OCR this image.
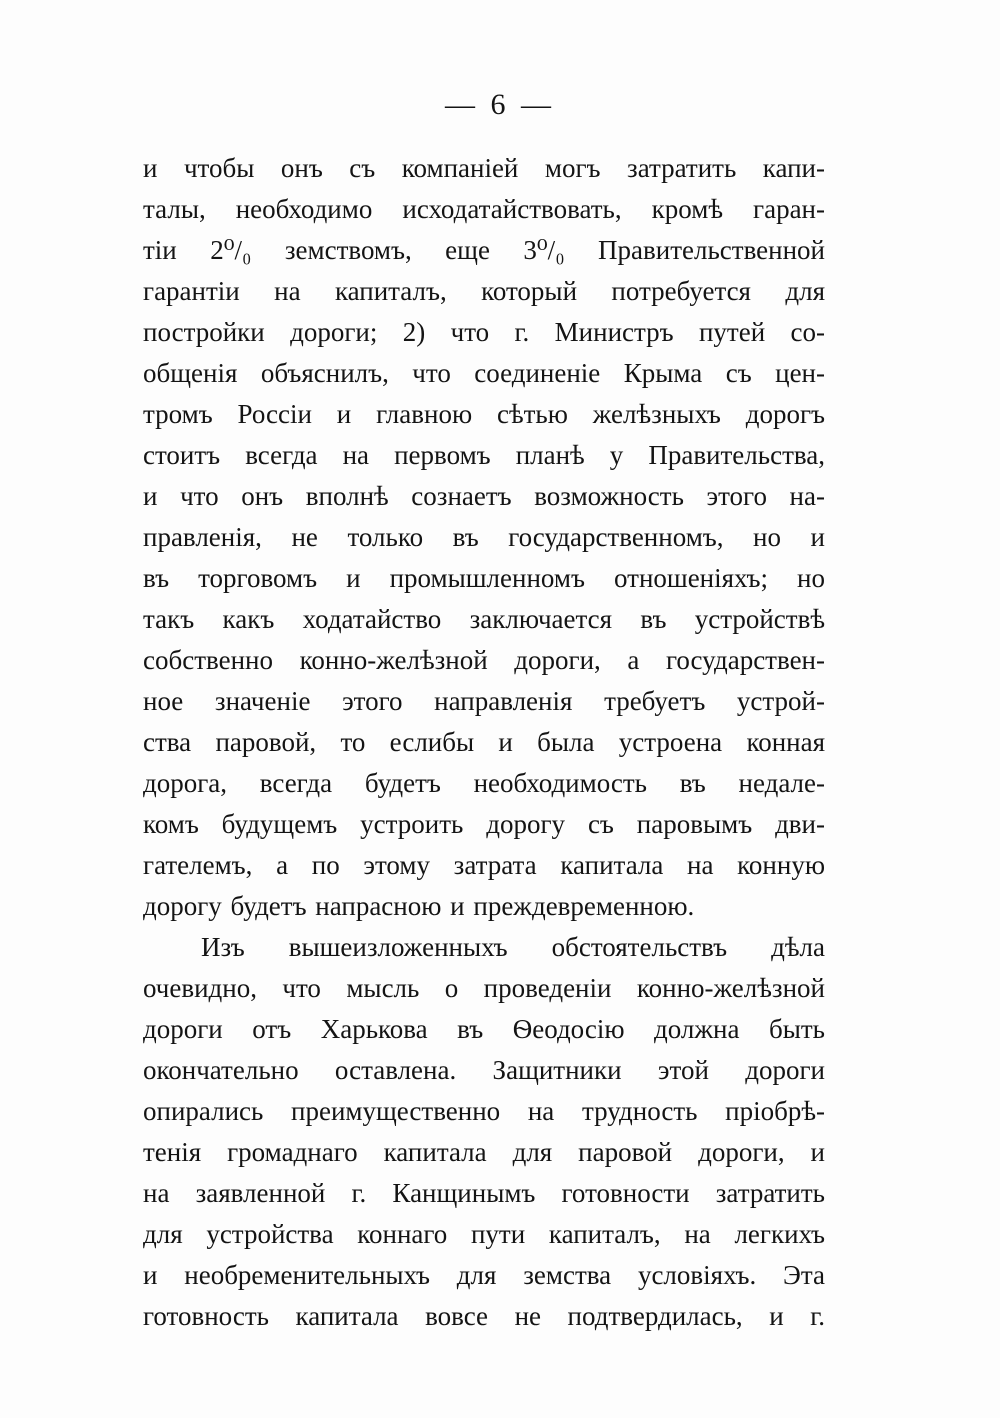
— 6 —
и чтобы онъ съ компаніей могъ затратить капи-
талы, необходимо исходатайствовать, кромѣ гаран-
тіи 2⁰/₀ земствомъ, еще 3⁰/₀ Правительственной
гарантіи на капиталъ, который потребуется для
постройки дороги; 2) что г. Министръ путей со-
общенія объяснилъ, что соединеніе Крыма съ цен-
тромъ Россіи и главною сѣтью желѣзныхъ дорогъ
стоитъ всегда на первомъ планѣ у Правительства,
и что онъ вполнѣ сознаетъ возможность этого на-
правленія, не только въ государственномъ, но и
въ торговомъ и промышленномъ отношеніяхъ; но
такъ какъ ходатайство заключается въ устройствѣ
собственно конно-желѣзной дороги, а государствен-
ное значеніе этого направленія требуетъ устрой-
ства паровой, то еслибы и была устроена конная
дорога, всегда будетъ необходимость въ недале-
комъ будущемъ устроить дорогу съ паровымъ дви-
гателемъ, а по этому затрата капитала на конную
дорогу будетъ напрасною и преждевременною.
Изъ вышеизложенныхъ обстоятельствъ дѣла
очевидно, что мысль о проведеніи конно-желѣзной
дороги отъ Харькова въ Ѳеодосію должна быть
окончательно оставлена. Защитники этой дороги
опирались преимущественно на трудность пріобрѣ-
тенія громаднаго капитала для паровой дороги, и
на заявленной г. Канщинымъ готовности затратить
для устройства коннаго пути капиталъ, на легкихъ
и необременительныхъ для земства условіяхъ. Эта
готовность капитала вовсе не подтвердилась, и г.
